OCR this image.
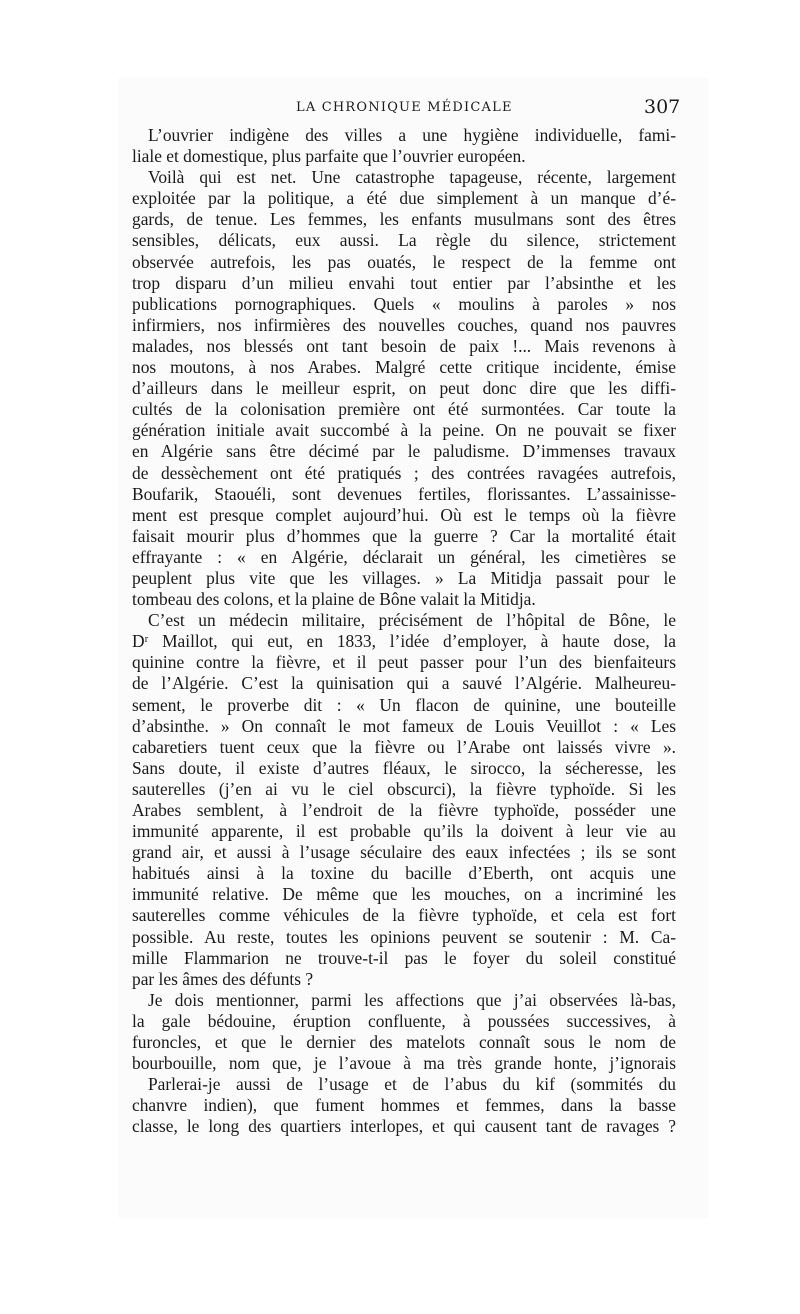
LA CHRONIQUE MÉDICALE	307
L’ouvrier indigène des villes a une hygiène individuelle, fami-
liale et domestique, plus parfaite que l’ouvrier européen.
Voilà qui est net. Une catastrophe tapageuse, récente, largement
exploitée par la politique, a été due simplement à un manque d’é-
gards, de tenue. Les femmes, les enfants musulmans sont des êtres
sensibles, délicats, eux aussi. La règle du silence, strictement
observée autrefois, les pas ouatés, le respect de la femme ont
trop disparu d’un milieu envahi tout entier par l’absinthe et les
publications pornographiques. Quels « moulins à paroles » nos
infirmiers, nos infirmières des nouvelles couches, quand nos pauvres
malades, nos blessés ont tant besoin de paix !... Mais revenons à
nos moutons, à nos Arabes. Malgré cette critique incidente, émise
d’ailleurs dans le meilleur esprit, on peut donc dire que les diffi-
cultés de la colonisation première ont été surmontées. Car toute la
génération initiale avait succombé à la peine. On ne pouvait se fixer
en Algérie sans être décimé par le paludisme. D’immenses travaux
de dessèchement ont été pratiqués ; des contrées ravagées autrefois,
Boufarik, Staouéli, sont devenues fertiles, florissantes. L’assainisse-
ment est presque complet aujourd’hui. Où est le temps où la fièvre
faisait mourir plus d’hommes que la guerre ? Car la mortalité était
effrayante : « en Algérie, déclarait un général, les cimetières se
peuplent plus vite que les villages. » La Mitidja passait pour le
tombeau des colons, et la plaine de Bône valait la Mitidja.
C’est un médecin militaire, précisément de l’hôpital de Bône, le
Dʳ Maillot, qui eut, en 1833, l’idée d’employer, à haute dose, la
quinine contre la fièvre, et il peut passer pour l’un des bienfaiteurs
de l’Algérie. C’est la quinisation qui a sauvé l’Algérie. Malheureu-
sement, le proverbe dit : « Un flacon de quinine, une bouteille
d’absinthe. » On connaît le mot fameux de Louis Veuillot : « Les
cabaretiers tuent ceux que la fièvre ou l’Arabe ont laissés vivre ».
Sans doute, il existe d’autres fléaux, le sirocco, la sécheresse, les
sauterelles (j’en ai vu le ciel obscurci), la fièvre typhoïde. Si les
Arabes semblent, à l’endroit de la fièvre typhoïde, posséder une
immunité apparente, il est probable qu’ils la doivent à leur vie au
grand air, et aussi à l’usage séculaire des eaux infectées ; ils se sont
habitués ainsi à la toxine du bacille d’Eberth, ont acquis une
immunité relative. De même que les mouches, on a incriminé les
sauterelles comme véhicules de la fièvre typhoïde, et cela est fort
possible. Au reste, toutes les opinions peuvent se soutenir : M. Ca-
mille Flammarion ne trouve-t-il pas le foyer du soleil constitué
par les âmes des défunts ?
Je dois mentionner, parmi les affections que j’ai observées là-bas,
la gale bédouine, éruption confluente, à poussées successives, à
furoncles, et que le dernier des matelots connaît sous le nom de
bourbouille, nom que, je l’avoue à ma très grande honte, j’ignorais
Parlerai-je aussi de l’usage et de l’abus du kif (sommités du
chanvre indien), que fument hommes et femmes, dans la basse
classe, le long des quartiers interlopes, et qui causent tant de ravages ?
